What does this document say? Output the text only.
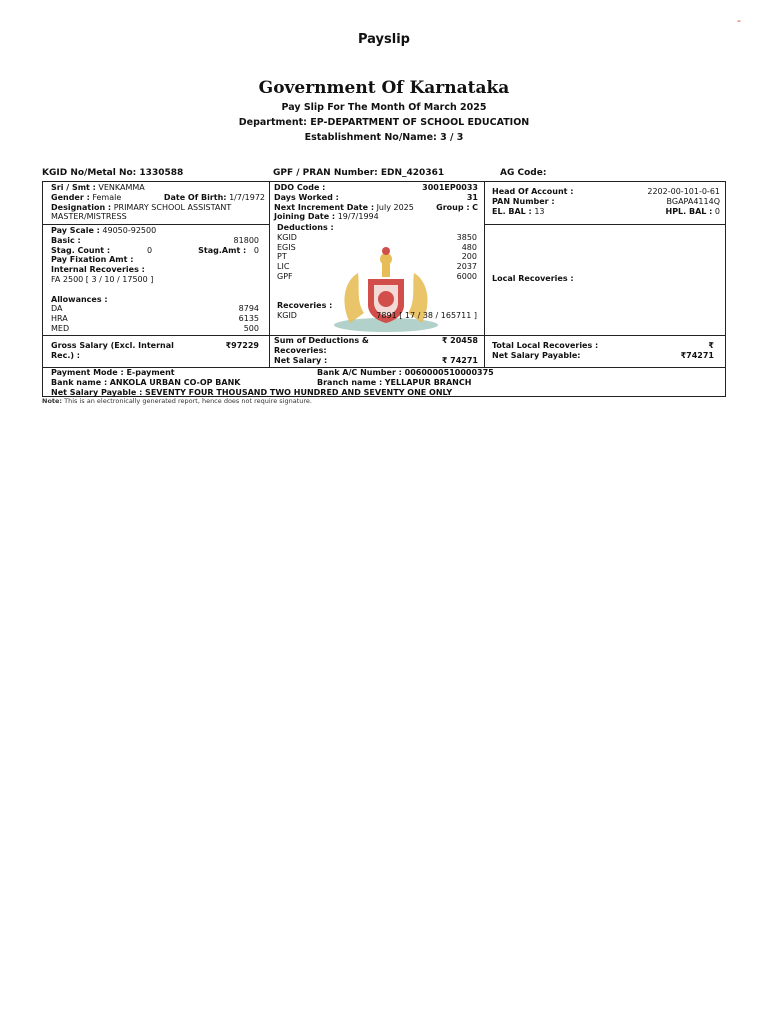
-
Payslip
Government Of Karnataka
Pay Slip For The Month Of March 2025
Department: EP-DEPARTMENT OF SCHOOL EDUCATION
Establishment No/Name: 3 / 3
KGID No/Metal No: 1330588	GPF / PRAN Number: EDN_420361	AG Code:
Sri / Smt : VENKAMMA
Gender : Female	Date Of Birth: 1/7/1972
Designation : PRIMARY SCHOOL ASSISTANT
MASTER/MISTRESS
DDO Code :	3001EP0033
Days Worked :	31
Next Increment Date : July 2025	Group : C
Joining Date : 19/7/1994
Head Of Account :	2202-00-101-0-61
PAN Number :	BGAPA4114Q
EL. BAL : 13	HPL. BAL : 0
Pay Scale : 49050-92500
Basic :	81800
Stag. Count :	0	Stag.Amt : 0
Pay Fixation Amt :
Internal Recoveries :
FA 2500 [ 3 / 10 / 17500 ]
Allowances :
DA	8794
HRA	6135
MED	500
Deductions :
KGID	3850
EGIS	480
PT	200
LIC	2037
GPF	6000
Recoveries :
KGID	7891 [ 17 / 38 / 165711 ]
Local Recoveries :
Gross Salary (Excl. Internal	₹97229
Rec.) :
Sum of Deductions &	₹ 20458
Recoveries:
Net Salary :	₹ 74271
Total Local Recoveries :	₹
Net Salary Payable:	₹74271
Payment Mode : E-payment	Bank A/C Number : 0060000510000375
Bank name : ANKOLA URBAN CO-OP BANK	Branch name : YELLAPUR BRANCH
Net Salary Payable : SEVENTY FOUR THOUSAND TWO HUNDRED AND SEVENTY ONE ONLY
Note: This is an electronically generated report, hence does not require signature.
